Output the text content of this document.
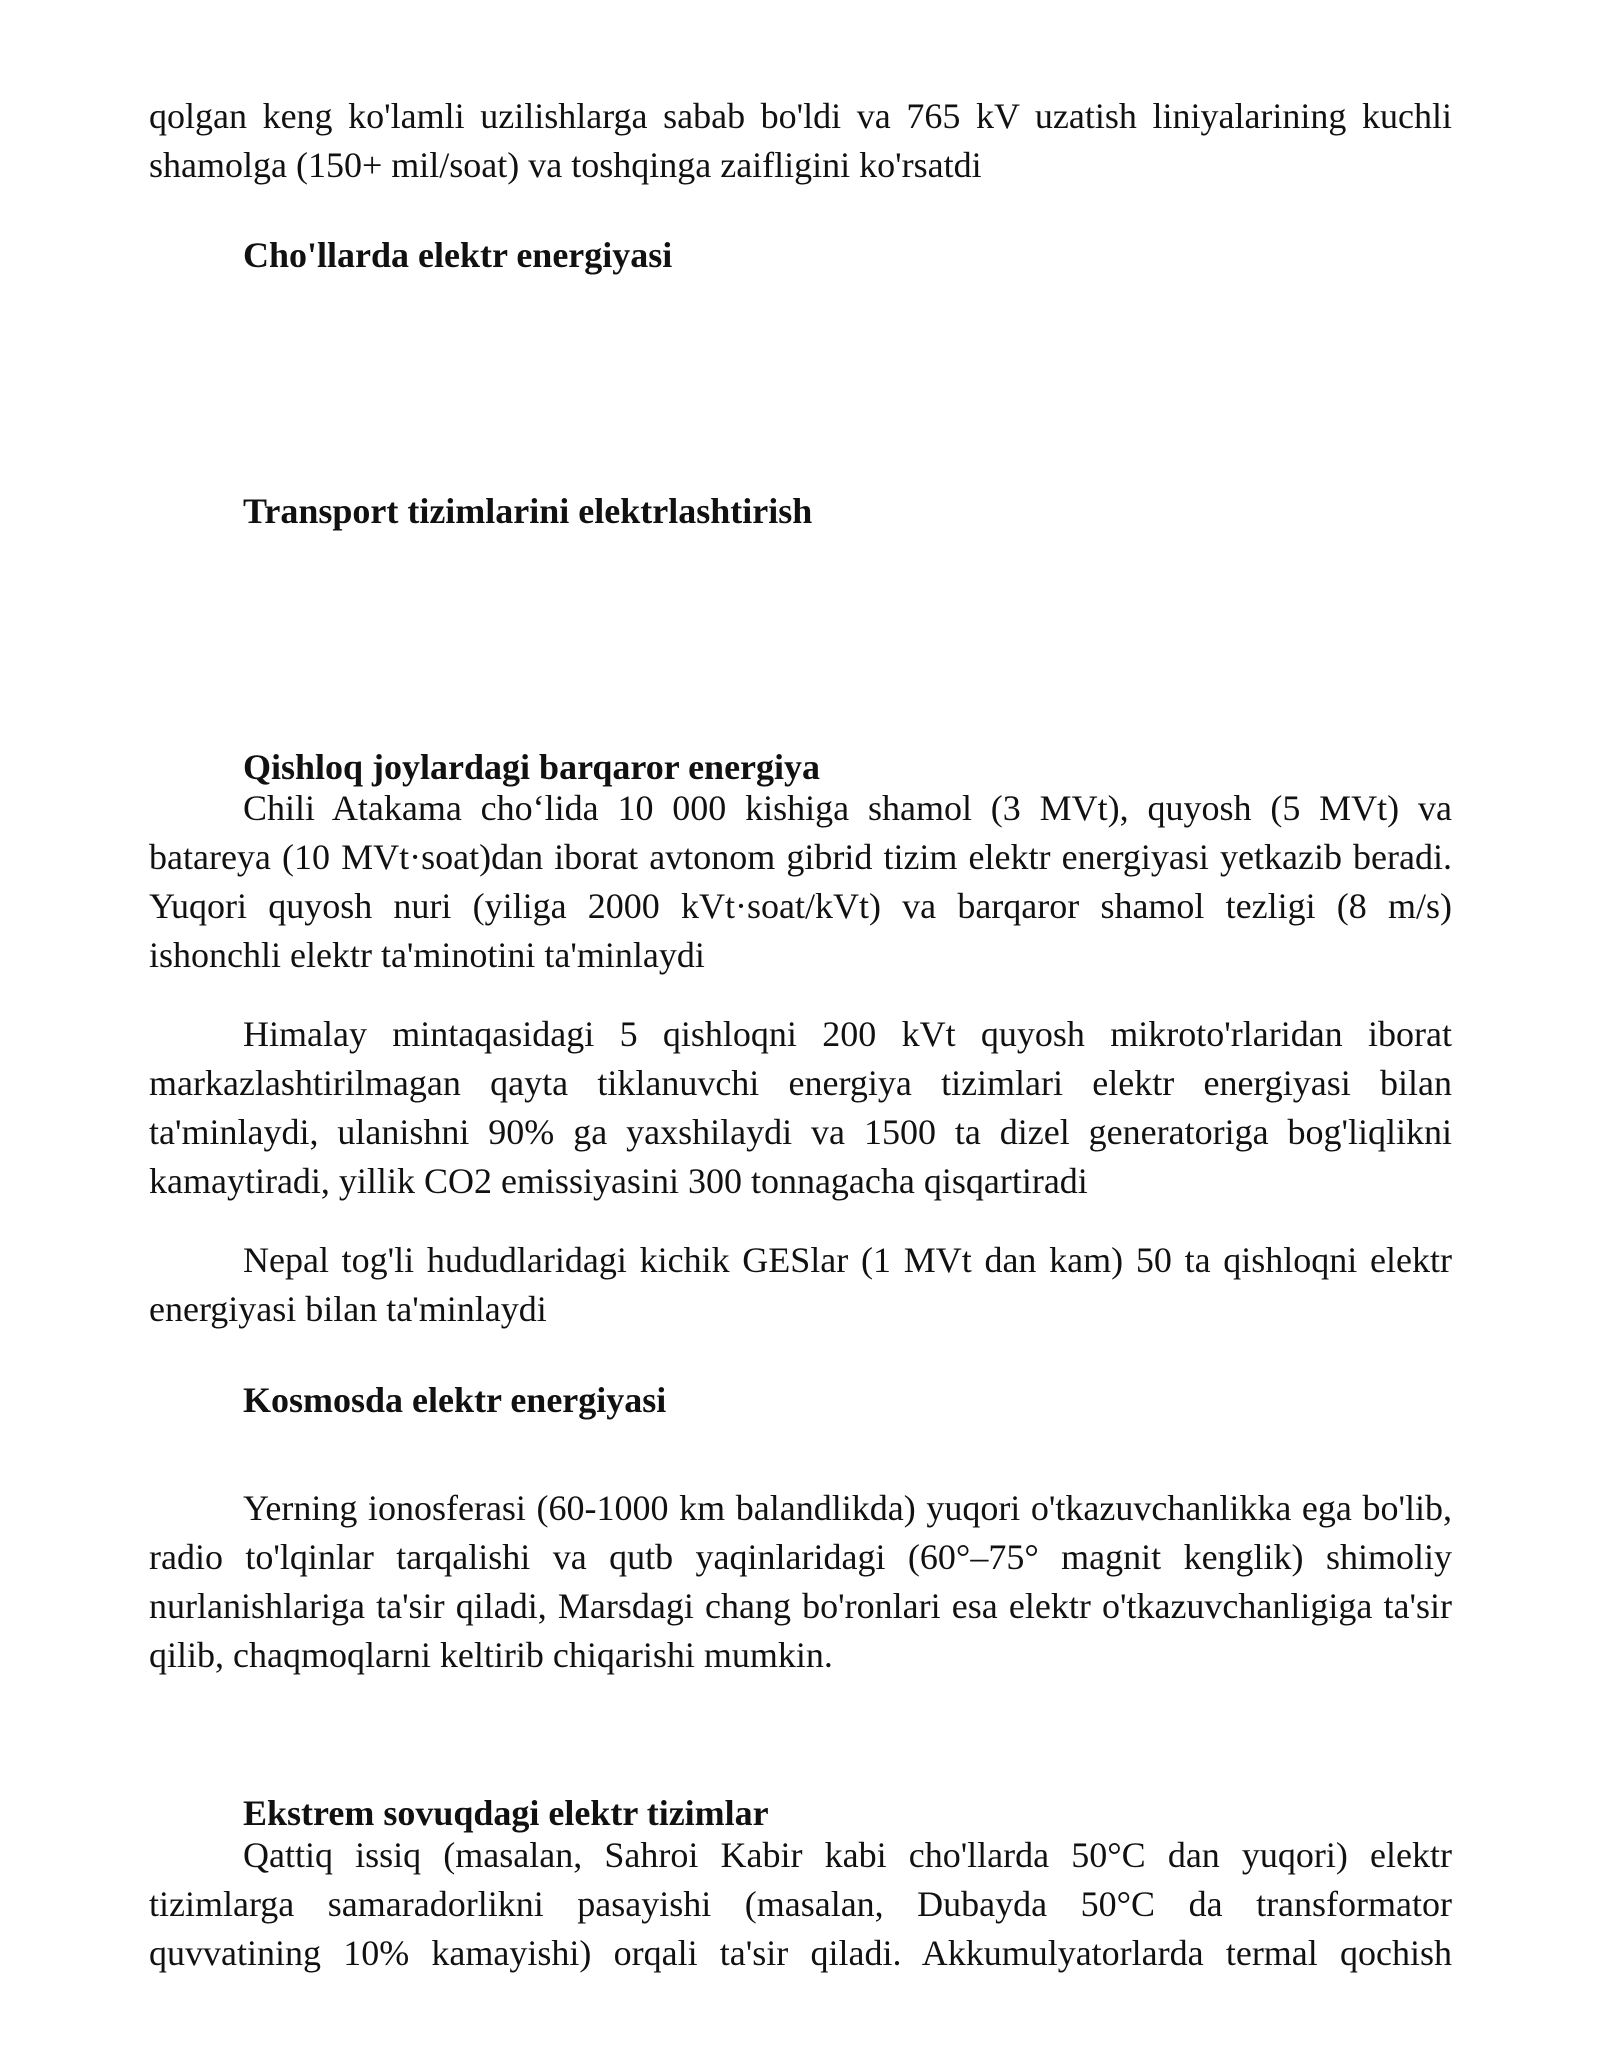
qolgan keng ko'lamli uzilishlarga sabab bo'ldi va 765 kV uzatish liniyalarining kuchli shamolga (150+ mil/soat) va toshqinga zaifligini ko'rsatdi

Cho'llarda elektr energiyasi

Transport tizimlarini elektrlashtirish

Qishloq joylardagi barqaror energiya

Chili Atakama cho‘lida 10 000 kishiga shamol (3 MVt), quyosh (5 MVt) va batareya (10 MVt·soat)dan iborat avtonom gibrid tizim elektr energiyasi yetkazib beradi. Yuqori quyosh nuri (yiliga 2000 kVt·soat/kVt) va barqaror shamol tezligi (8 m/s) ishonchli elektr ta'minotini ta'minlaydi

Himalay mintaqasidagi 5 qishloqni 200 kVt quyosh mikroto'rlaridan iborat markazlashtirilmagan qayta tiklanuvchi energiya tizimlari elektr energiyasi bilan ta'minlaydi, ulanishni 90% ga yaxshilaydi va 1500 ta dizel generatoriga bog'liqlikni kamaytiradi, yillik CO2 emissiyasini 300 tonnagacha qisqartiradi

Nepal tog'li hududlaridagi kichik GESlar (1 MVt dan kam) 50 ta qishloqni elektr energiyasi bilan ta'minlaydi

Kosmosda elektr energiyasi

Yerning ionosferasi (60-1000 km balandlikda) yuqori o'tkazuvchanlikka ega bo'lib, radio to'lqinlar tarqalishi va qutb yaqinlaridagi (60°–75° magnit kenglik) shimoliy nurlanishlariga ta'sir qiladi, Marsdagi chang bo'ronlari esa elektr o'tkazuvchanligiga ta'sir qilib, chaqmoqlarni keltirib chiqarishi mumkin.

Ekstrem sovuqdagi elektr tizimlar

Qattiq issiq (masalan, Sahroi Kabir kabi cho'llarda 50°C dan yuqori) elektr tizimlarga samaradorlikni pasayishi (masalan, Dubayda 50°C da transformator quvvatining 10% kamayishi) orqali ta'sir qiladi. Akkumulyatorlarda termal qochish
